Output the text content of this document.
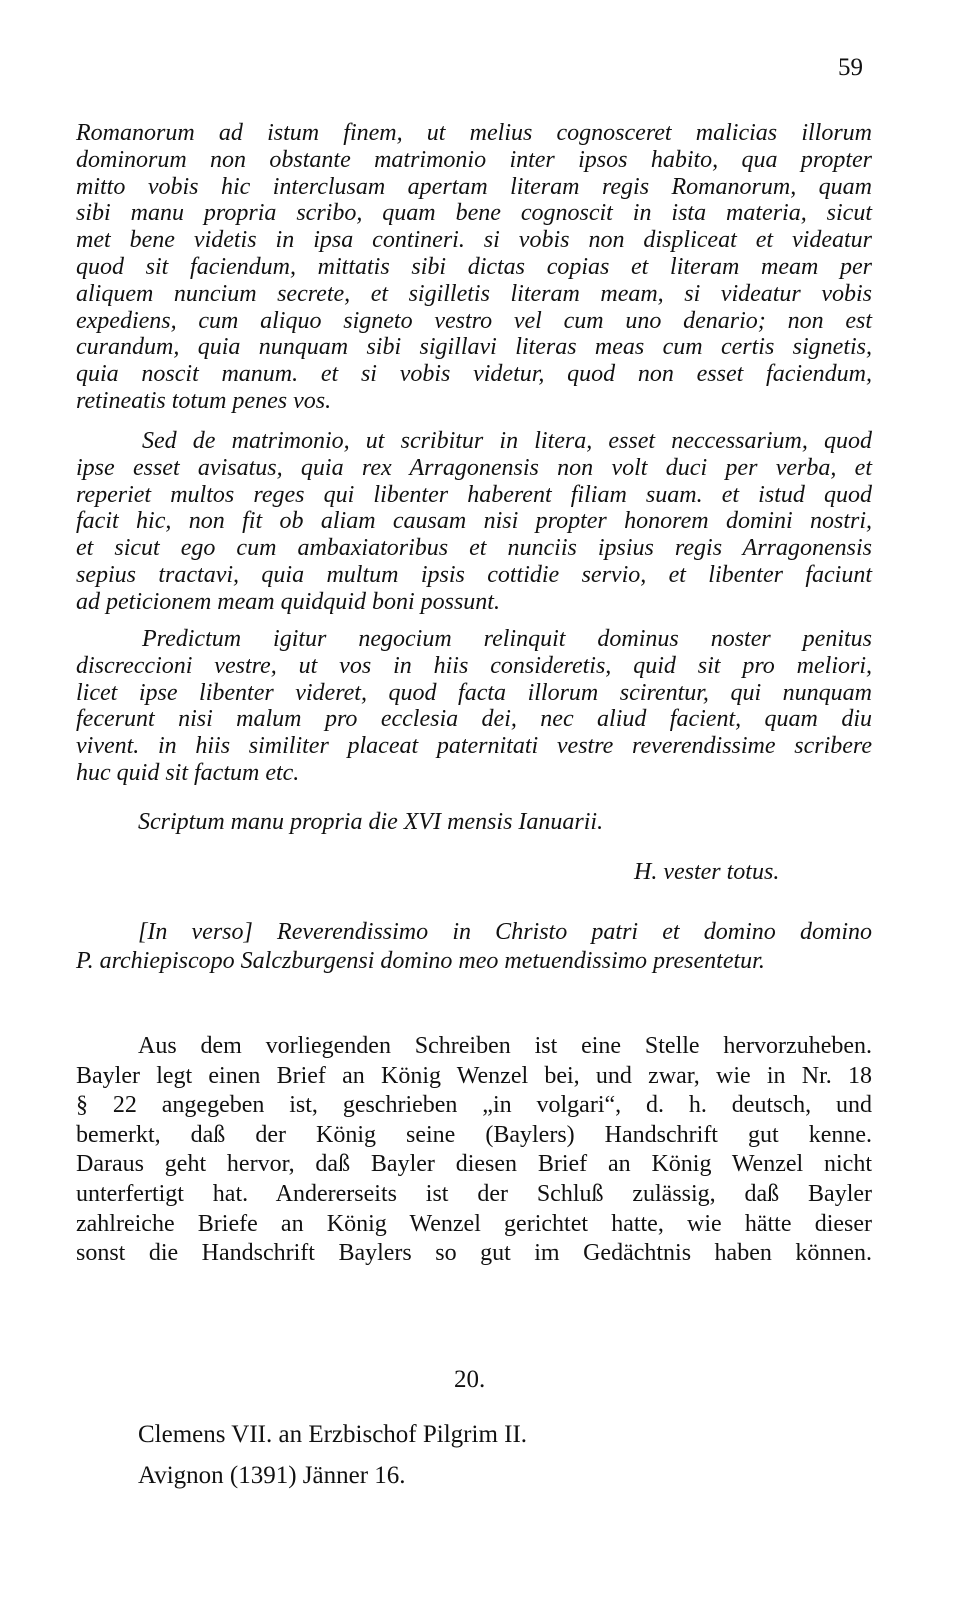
59
Romanorum ad istum finem, ut melius cognosceret malicias illorum
dominorum non obstante matrimonio inter ipsos habito, qua propter
mitto vobis hic interclusam apertam literam regis Romanorum, quam
sibi manu propria scribo, quam bene cognoscit in ista materia, sicut
met bene videtis in ipsa contineri. si vobis non displiceat et videatur
quod sit faciendum, mittatis sibi dictas copias et literam meam per
aliquem nuncium secrete, et sigilletis literam meam, si videatur vobis
expediens, cum aliquo signeto vestro vel cum uno denario; non est
curandum, quia nunquam sibi sigillavi literas meas cum certis signetis,
quia noscit manum. et si vobis videtur, quod non esset faciendum,
retineatis totum penes vos.
Sed de matrimonio, ut scribitur in litera, esset neccessarium, quod
ipse esset avisatus, quia rex Arragonensis non volt duci per verba, et
reperiet multos reges qui libenter haberent filiam suam. et istud quod
facit hic, non fit ob aliam causam nisi propter honorem domini nostri,
et sicut ego cum ambaxiatoribus et nunciis ipsius regis Arragonensis
sepius tractavi, quia multum ipsis cottidie servio, et libenter faciunt
ad peticionem meam quidquid boni possunt.
Predictum igitur negocium relinquit dominus noster penitus
discreccioni vestre, ut vos in hiis consideretis, quid sit pro meliori,
licet ipse libenter videret, quod facta illorum scirentur, qui nunquam
fecerunt nisi malum pro ecclesia dei, nec aliud facient, quam diu
vivent. in hiis similiter placeat paternitati vestre reverendissime scribere
huc quid sit factum etc.
Scriptum manu propria die XVI mensis Ianuarii.
H. vester totus.
[In verso] Reverendissimo in Christo patri et domino domino
P. archiepiscopo Salczburgensi domino meo metuendissimo presentetur.
Aus dem vorliegenden Schreiben ist eine Stelle hervorzuheben.
Bayler legt einen Brief an König Wenzel bei, und zwar, wie in Nr. 18
§ 22 angegeben ist, geschrieben „in volgari“, d. h. deutsch, und
bemerkt, daß der König seine (Baylers) Handschrift gut kenne.
Daraus geht hervor, daß Bayler diesen Brief an König Wenzel nicht
unterfertigt hat. Andererseits ist der Schluß zulässig, daß Bayler
zahlreiche Briefe an König Wenzel gerichtet hatte, wie hätte dieser
sonst die Handschrift Baylers so gut im Gedächtnis haben können.
20.
Clemens VII. an Erzbischof Pilgrim II.
Avignon (1391) Jänner 16.
